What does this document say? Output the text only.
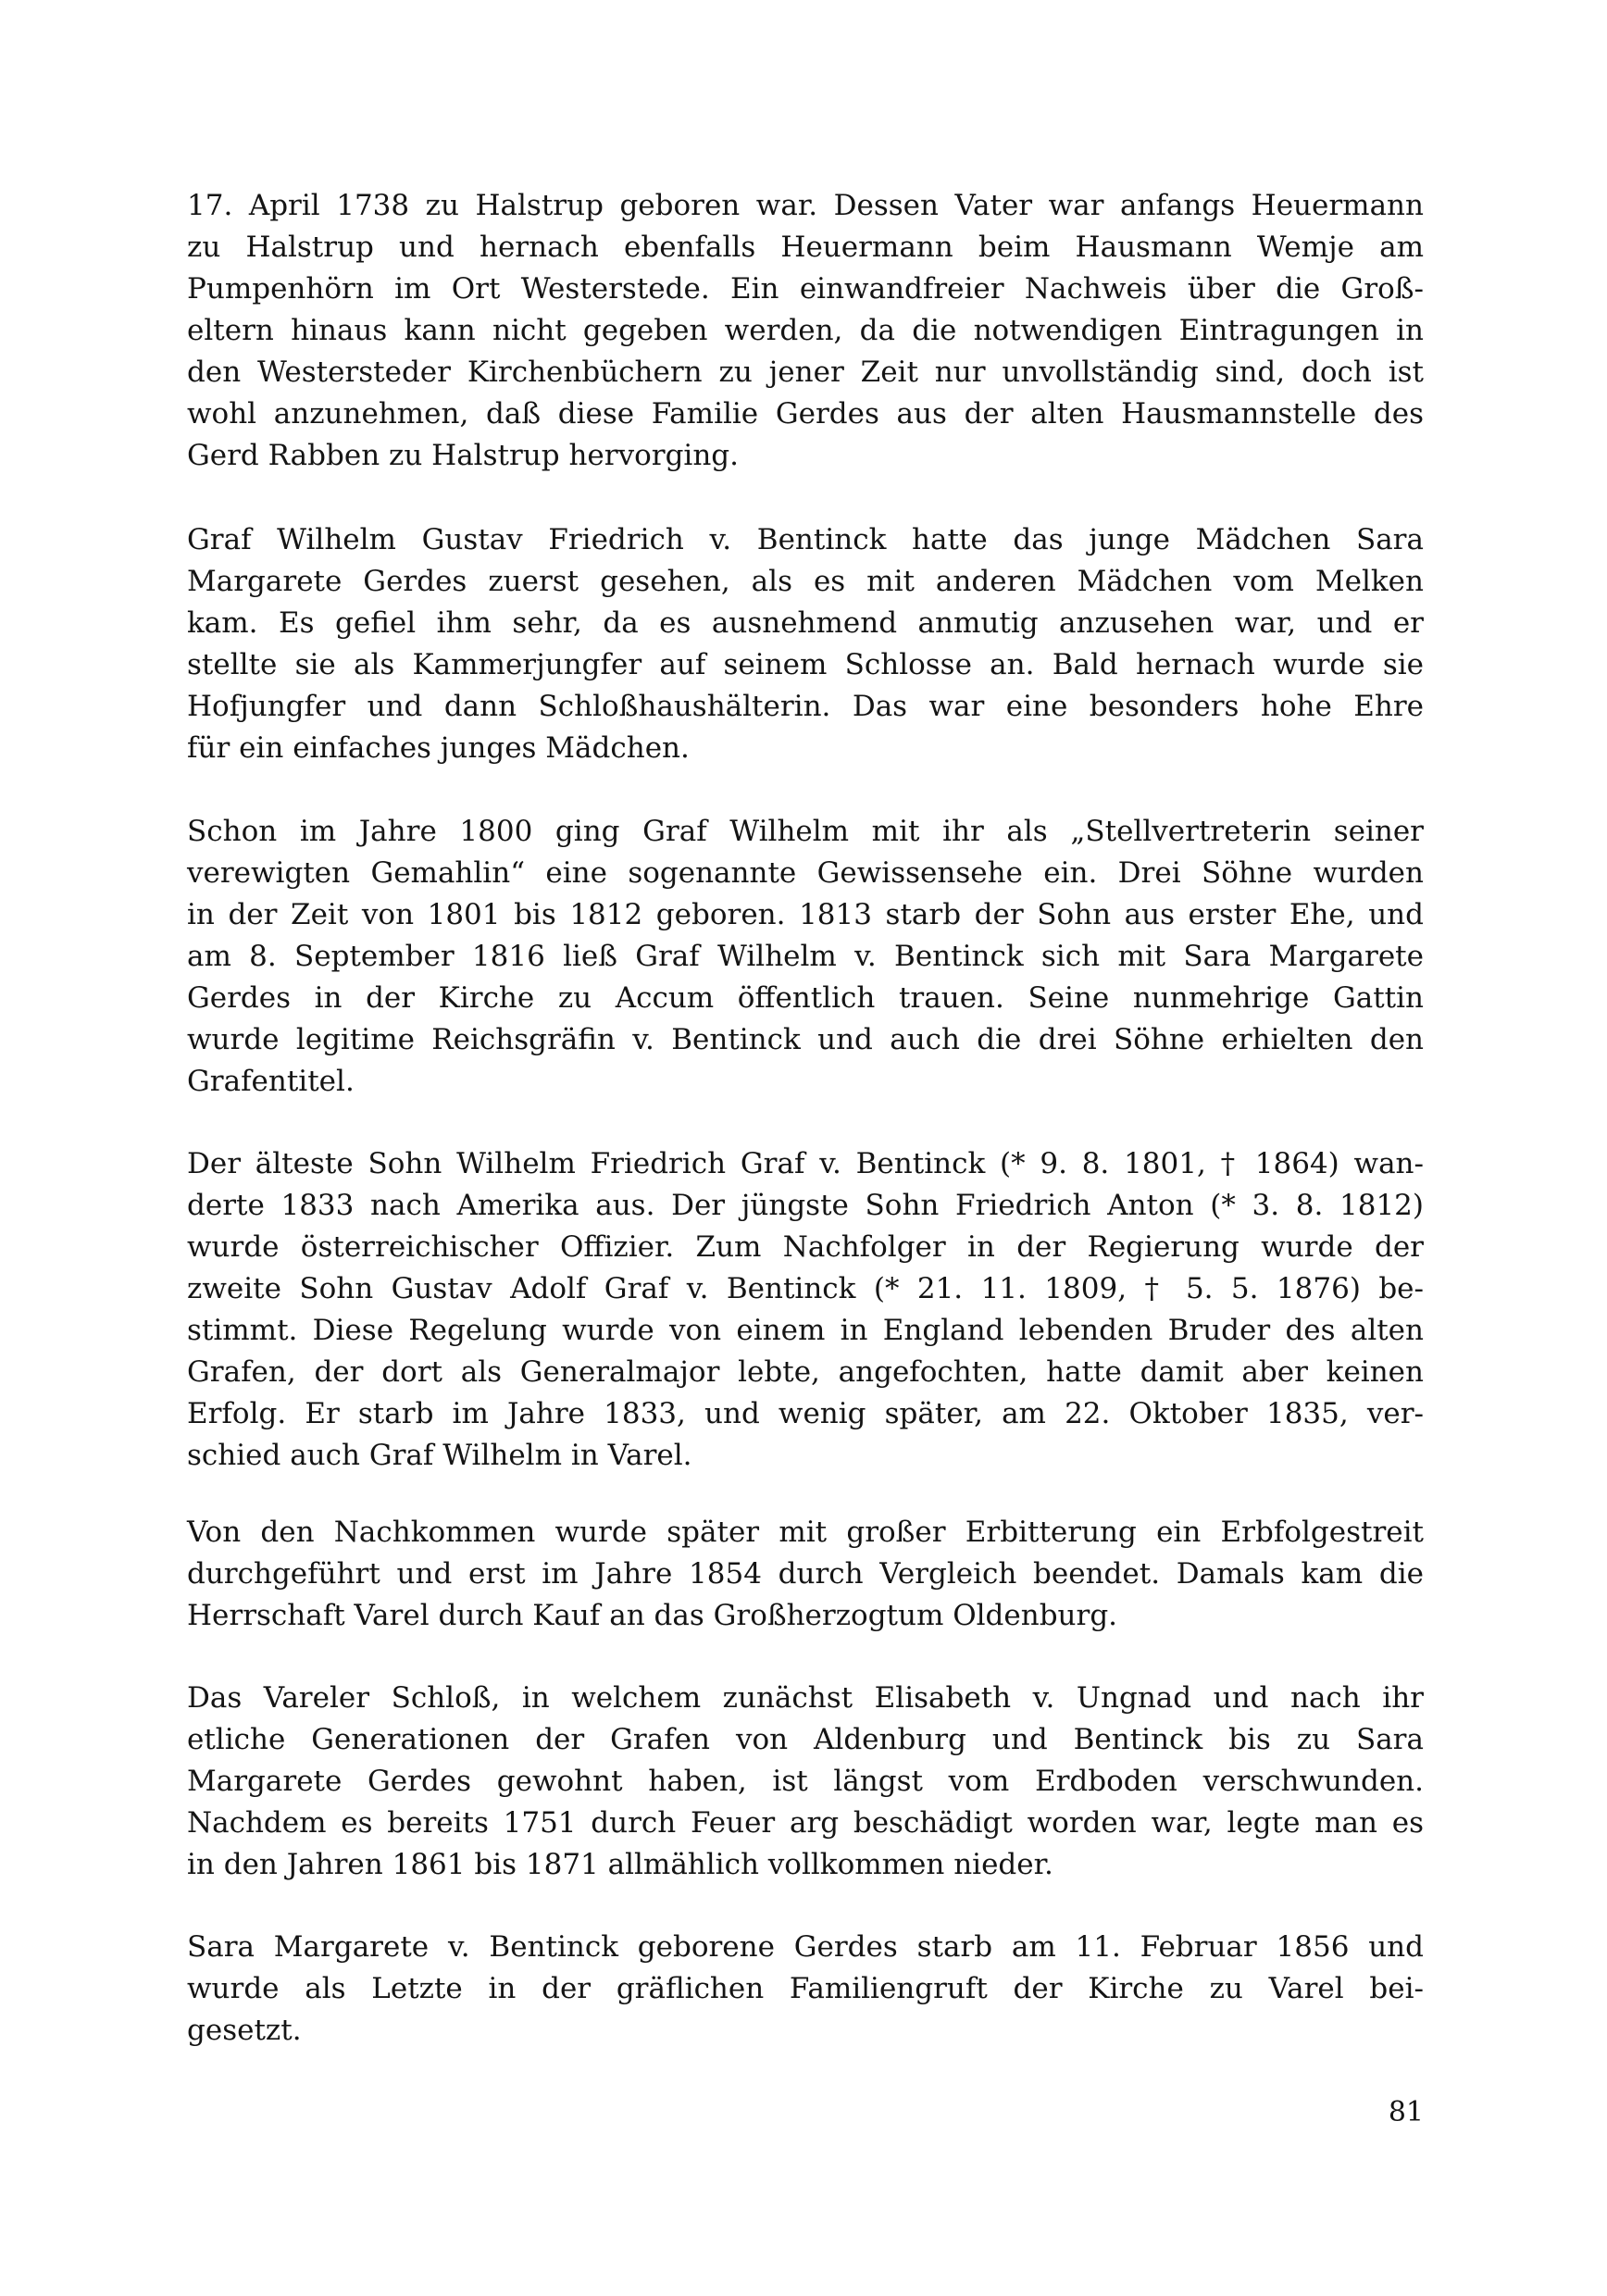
17. April 1738 zu Halstrup geboren war. Dessen Vater war anfangs Heuermann
zu Halstrup und hernach ebenfalls Heuermann beim Hausmann Wemje am
Pumpenhörn im Ort Westerstede. Ein einwandfreier Nachweis über die Groß-
eltern hinaus kann nicht gegeben werden, da die notwendigen Eintragungen in
den Westersteder Kirchenbüchern zu jener Zeit nur unvollständig sind, doch ist
wohl anzunehmen, daß diese Familie Gerdes aus der alten Hausmannstelle des
Gerd Rabben zu Halstrup hervorging.
Graf Wilhelm Gustav Friedrich v. Bentinck hatte das junge Mädchen Sara
Margarete Gerdes zuerst gesehen, als es mit anderen Mädchen vom Melken
kam. Es gefiel ihm sehr, da es ausnehmend anmutig anzusehen war, und er
stellte sie als Kammerjungfer auf seinem Schlosse an. Bald hernach wurde sie
Hofjungfer und dann Schloßhaushälterin. Das war eine besonders hohe Ehre
für ein einfaches junges Mädchen.
Schon im Jahre 1800 ging Graf Wilhelm mit ihr als „Stellvertreterin seiner
verewigten Gemahlin“ eine sogenannte Gewissensehe ein. Drei Söhne wurden
in der Zeit von 1801 bis 1812 geboren. 1813 starb der Sohn aus erster Ehe, und
am 8. September 1816 ließ Graf Wilhelm v. Bentinck sich mit Sara Margarete
Gerdes in der Kirche zu Accum öffentlich trauen. Seine nunmehrige Gattin
wurde legitime Reichsgräfin v. Bentinck und auch die drei Söhne erhielten den
Grafentitel.
Der älteste Sohn Wilhelm Friedrich Graf v. Bentinck (* 9. 8. 1801, † 1864) wan-
derte 1833 nach Amerika aus. Der jüngste Sohn Friedrich Anton (* 3. 8. 1812)
wurde österreichischer Offizier. Zum Nachfolger in der Regierung wurde der
zweite Sohn Gustav Adolf Graf v. Bentinck (* 21. 11. 1809, † 5. 5. 1876) be-
stimmt. Diese Regelung wurde von einem in England lebenden Bruder des alten
Grafen, der dort als Generalmajor lebte, angefochten, hatte damit aber keinen
Erfolg. Er starb im Jahre 1833, und wenig später, am 22. Oktober 1835, ver-
schied auch Graf Wilhelm in Varel.
Von den Nachkommen wurde später mit großer Erbitterung ein Erbfolgestreit
durchgeführt und erst im Jahre 1854 durch Vergleich beendet. Damals kam die
Herrschaft Varel durch Kauf an das Großherzogtum Oldenburg.
Das Vareler Schloß, in welchem zunächst Elisabeth v. Ungnad und nach ihr
etliche Generationen der Grafen von Aldenburg und Bentinck bis zu Sara
Margarete Gerdes gewohnt haben, ist längst vom Erdboden verschwunden.
Nachdem es bereits 1751 durch Feuer arg beschädigt worden war, legte man es
in den Jahren 1861 bis 1871 allmählich vollkommen nieder.
Sara Margarete v. Bentinck geborene Gerdes starb am 11. Februar 1856 und
wurde als Letzte in der gräflichen Familiengruft der Kirche zu Varel bei-
gesetzt.
81
